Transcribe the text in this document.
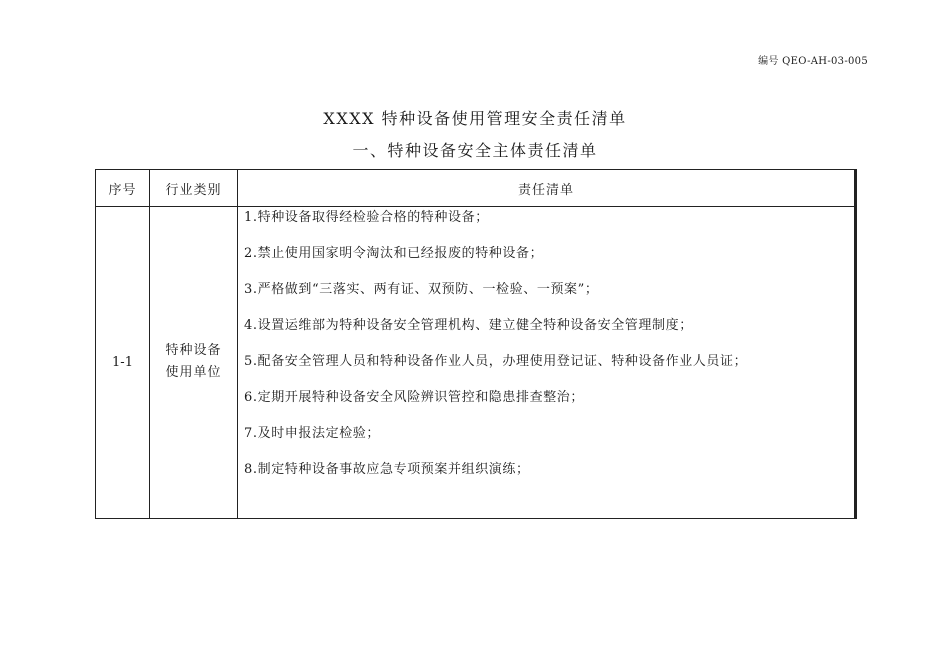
编号 QEO-AH-03-005
XXXX 特种设备使用管理安全责任清单
一、特种设备安全主体责任清单
序号	行业类别	责任清单
1-1
特种设备
使用单位
1.特种设备取得经检验合格的特种设备；
2.禁止使用国家明令淘汰和已经报废的特种设备；
3.严格做到“三落实、两有证、双预防、一检验、一预案”；
4.设置运维部为特种设备安全管理机构、建立健全特种设备安全管理制度；
5.配备安全管理人员和特种设备作业人员，办理使用登记证、特种设备作业人员证；
6.定期开展特种设备安全风险辨识管控和隐患排查整治；
7.及时申报法定检验；
8.制定特种设备事故应急专项预案并组织演练；
